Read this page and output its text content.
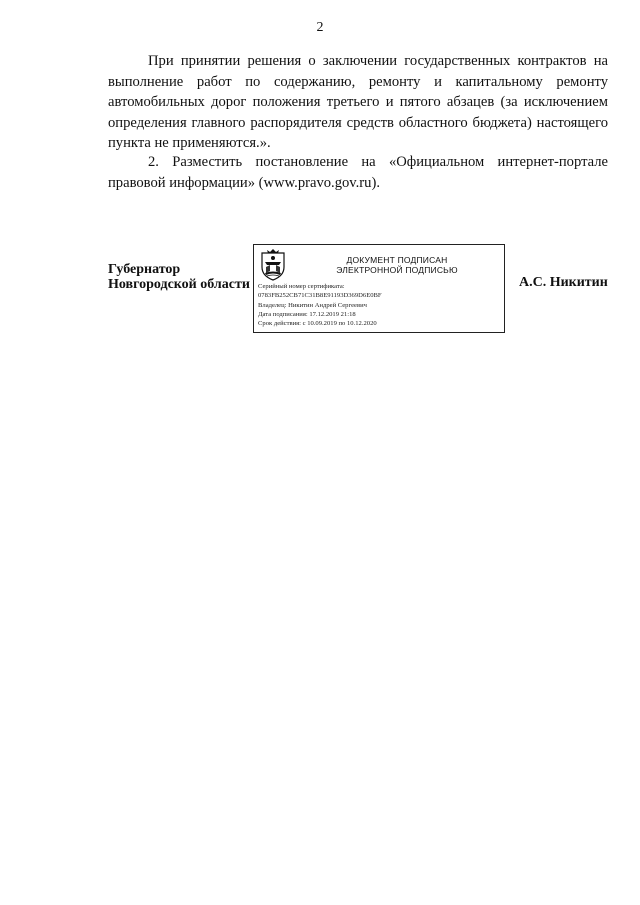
2

При принятии решения о заключении государственных контрактов на выполнение работ по содержанию, ремонту и капитальному ремонту автомобильных дорог положения третьего и пятого абзацев (за исключением определения главного распорядителя средств областного бюджета) настоящего пункта не применяются.».

2. Разместить постановление на «Официальном интернет-портале правовой информации» (www.pravo.gov.ru).

Губернатор
Новгородской области
ДОКУМЕНТ ПОДПИСАН
ЭЛЕКТРОННОЙ ПОДПИСЬЮ
Серийный номер сертификата:
0783FB252CB71C31B8E91193D369D6E0BF
Владелец: Никитин Андрей Сергеевич
Дата подписания: 17.12.2019 21:18
Срок действия: с 10.09.2019 по 10.12.2020
А.С. Никитин
